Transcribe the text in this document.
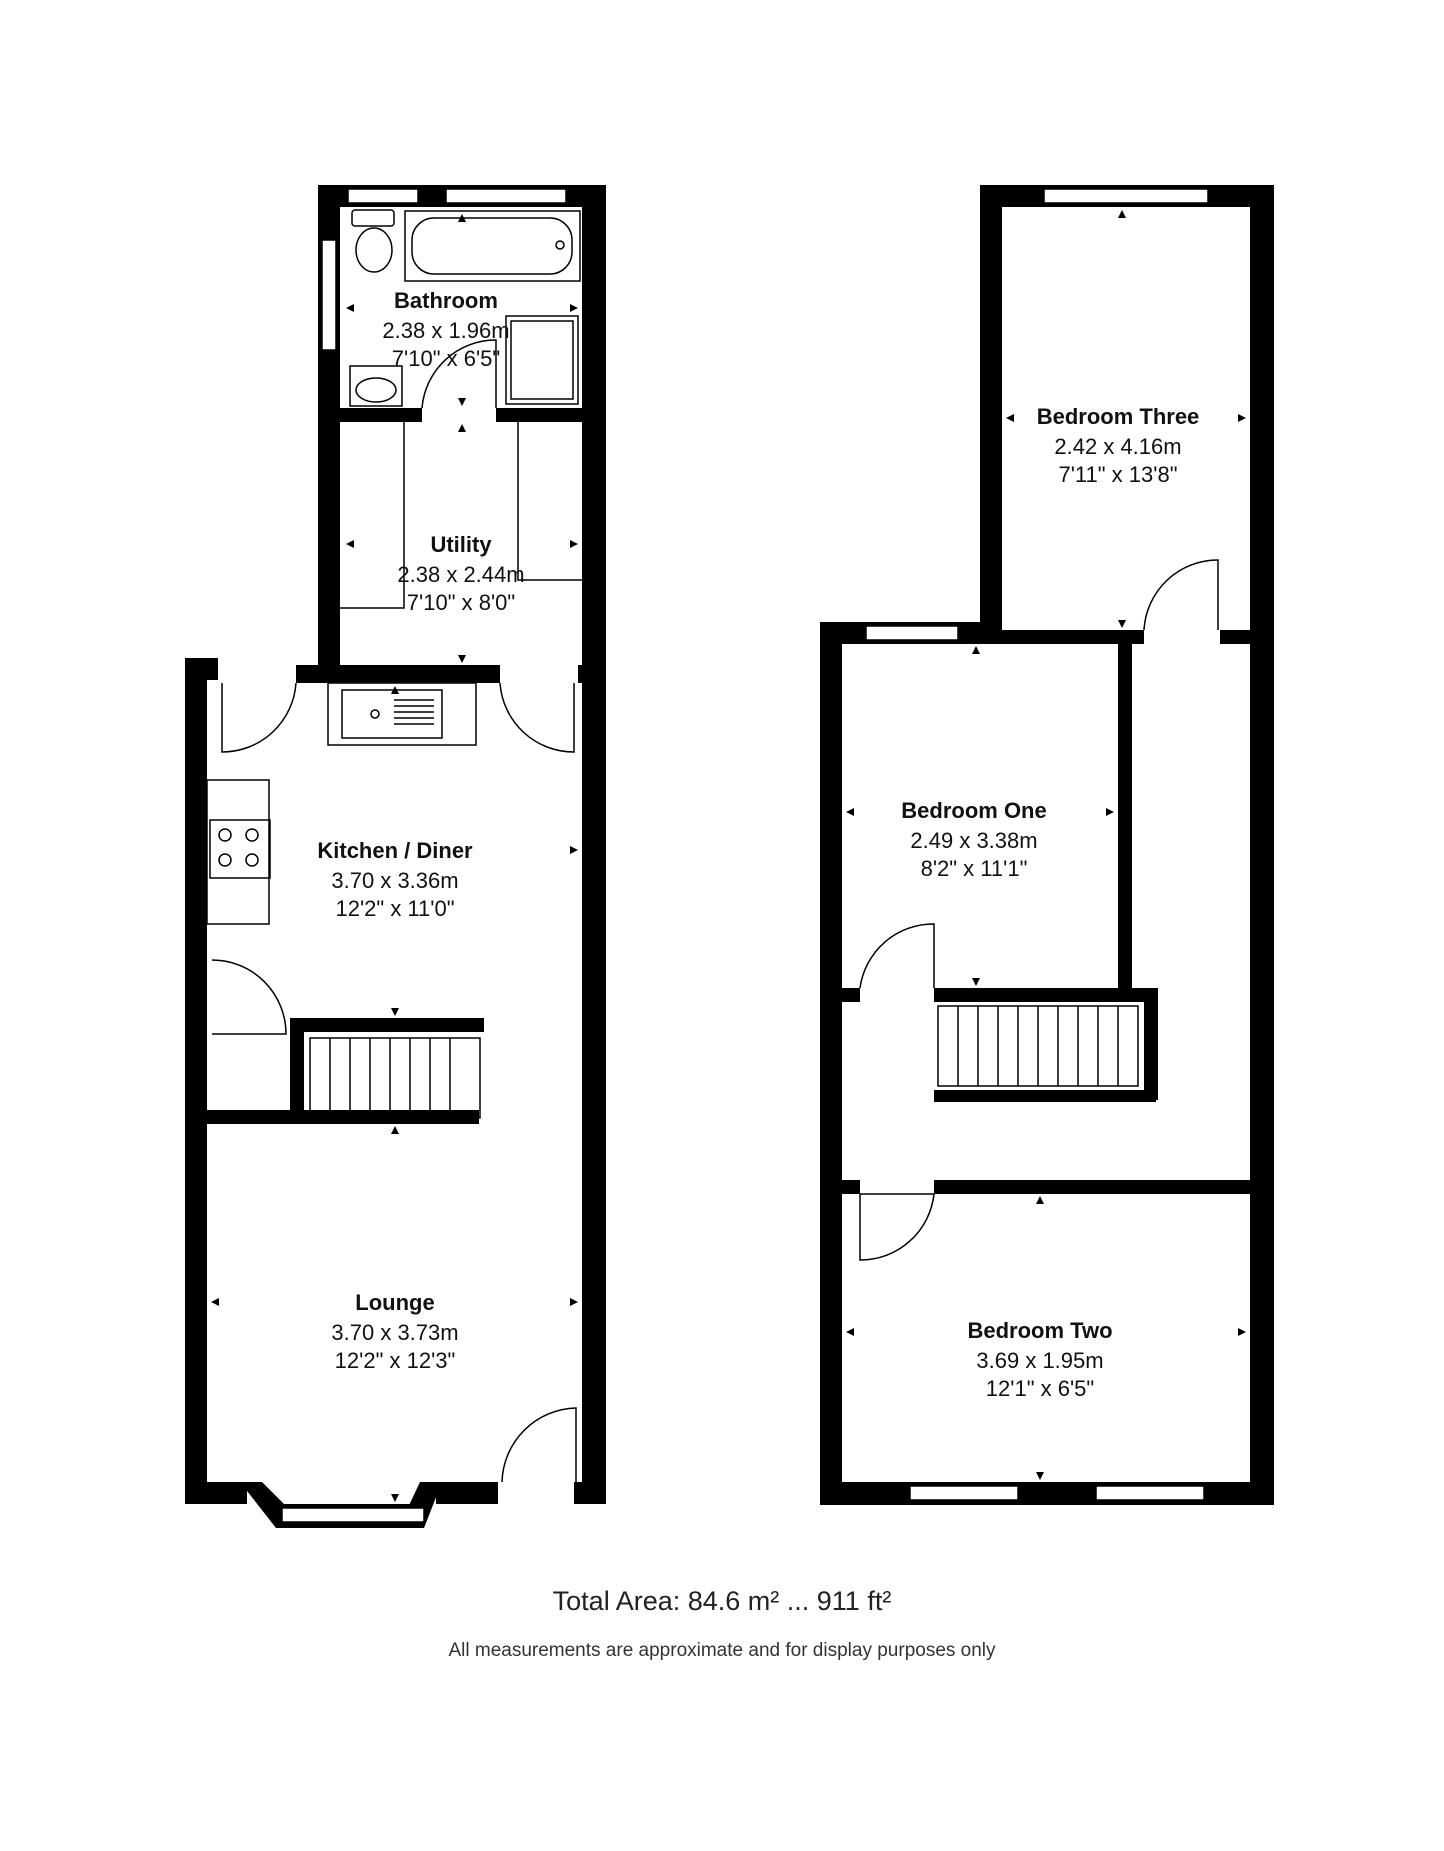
Bathroom
2.38 x 1.96m
7'10" x 6'5"
Utility
2.38 x 2.44m
7'10" x 8'0"
Kitchen / Diner
3.70 x 3.36m
12'2" x 11'0"
Lounge
3.70 x 3.73m
12'2" x 12'3"
Bedroom Three
2.42 x 4.16m
7'11" x 13'8"
Bedroom One
2.49 x 3.38m
8'2" x 11'1"
Bedroom Two
3.69 x 1.95m
12'1" x 6'5"
Total Area: 84.6 m² ... 911 ft²
All measurements are approximate and for display purposes only
